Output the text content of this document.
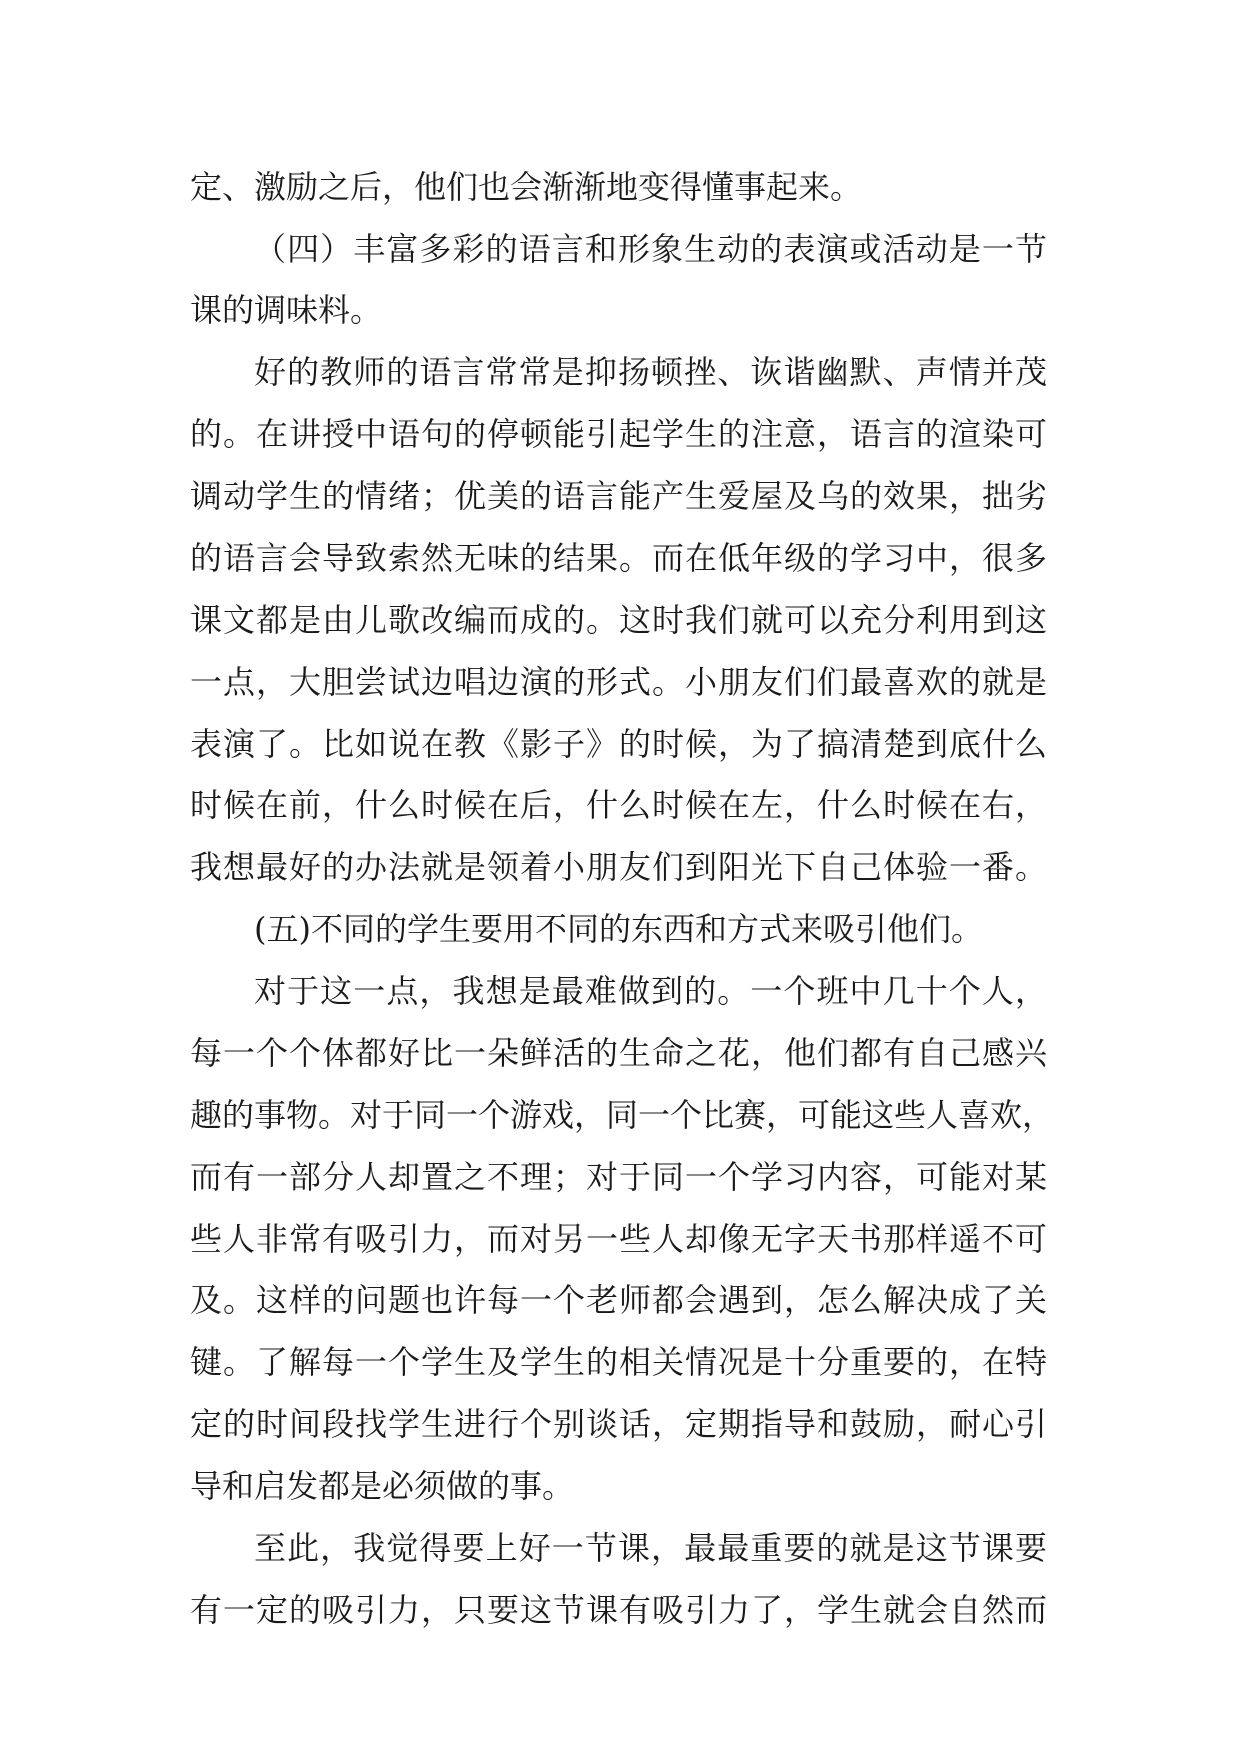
定、激励之后，他们也会渐渐地变得懂事起来。
（四）丰富多彩的语言和形象生动的表演或活动是一节
课的调味料。
好的教师的语言常常是抑扬顿挫、诙谐幽默、声情并茂
的。在讲授中语句的停顿能引起学生的注意，语言的渲染可
调动学生的情绪；优美的语言能产生爱屋及乌的效果，拙劣
的语言会导致索然无味的结果。而在低年级的学习中，很多
课文都是由儿歌改编而成的。这时我们就可以充分利用到这
一点，大胆尝试边唱边演的形式。小朋友们们最喜欢的就是
表演了。比如说在教《影子》的时候，为了搞清楚到底什么
时候在前，什么时候在后，什么时候在左，什么时候在右，
我想最好的办法就是领着小朋友们到阳光下自己体验一番。
(五)不同的学生要用不同的东西和方式来吸引他们。
对于这一点，我想是最难做到的。一个班中几十个人，
每一个个体都好比一朵鲜活的生命之花，他们都有自己感兴
趣的事物。对于同一个游戏，同一个比赛，可能这些人喜欢，
而有一部分人却置之不理；对于同一个学习内容，可能对某
些人非常有吸引力，而对另一些人却像无字天书那样遥不可
及。这样的问题也许每一个老师都会遇到，怎么解决成了关
键。了解每一个学生及学生的相关情况是十分重要的，在特
定的时间段找学生进行个别谈话，定期指导和鼓励，耐心引
导和启发都是必须做的事。
至此，我觉得要上好一节课，最最重要的就是这节课要
有一定的吸引力，只要这节课有吸引力了，学生就会自然而
